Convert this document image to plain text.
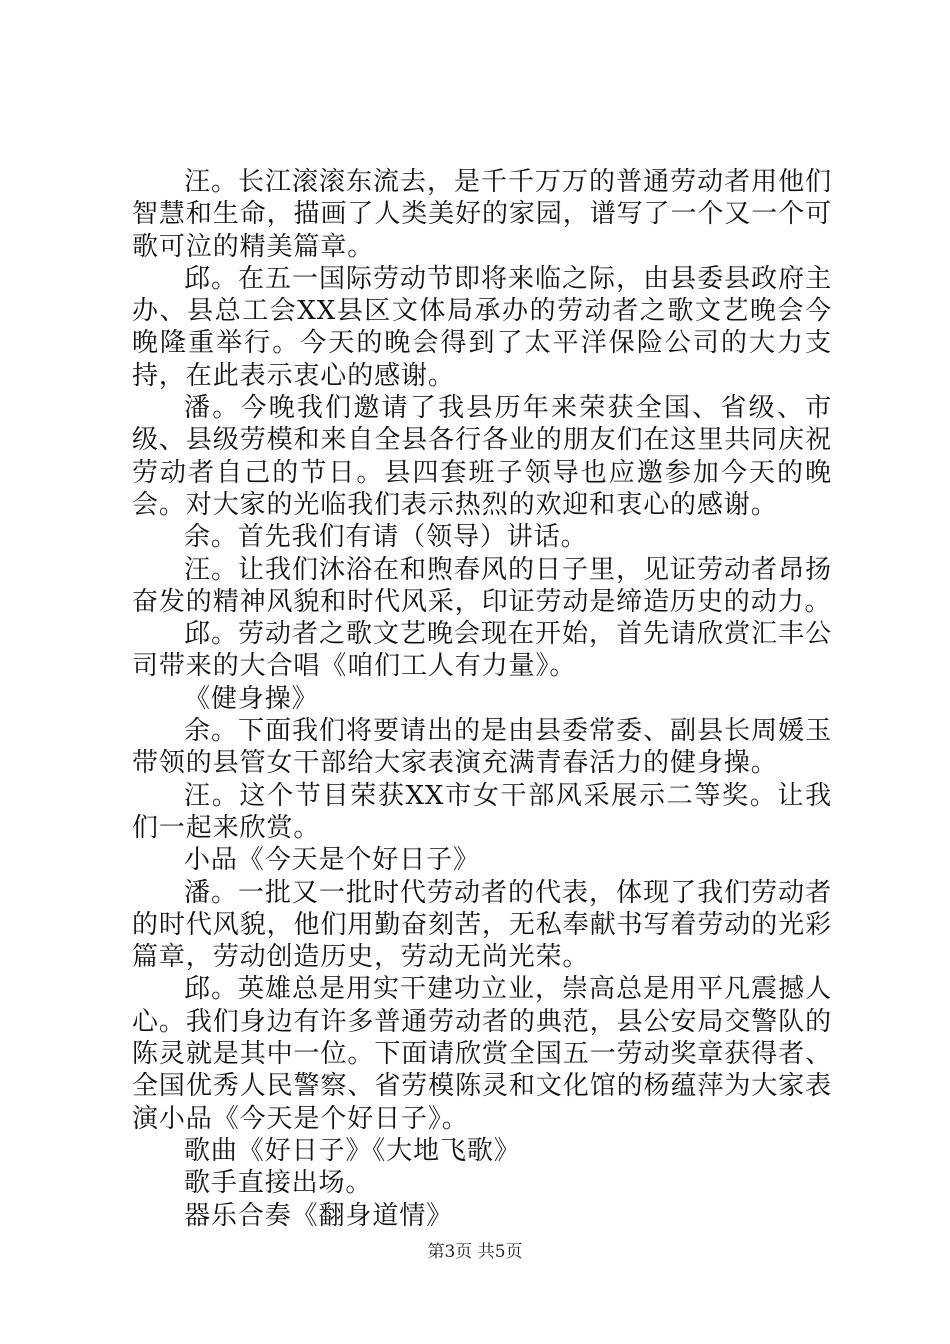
汪。长江滚滚东流去，是千千万万的普通劳动者用他们智慧和生命，描画了人类美好的家园，谱写了一个又一个可歌可泣的精美篇章。

邱。在五一国际劳动节即将来临之际，由县委县政府主办、县总工会XX县区文体局承办的劳动者之歌文艺晚会今晚隆重举行。今天的晚会得到了太平洋保险公司的大力支持，在此表示衷心的感谢。

潘。今晚我们邀请了我县历年来荣获全国、省级、市级、县级劳模和来自全县各行各业的朋友们在这里共同庆祝劳动者自己的节日。县四套班子领导也应邀参加今天的晚会。对大家的光临我们表示热烈的欢迎和衷心的感谢。

余。首先我们有请（领导）讲话。

汪。让我们沐浴在和煦春风的日子里，见证劳动者昂扬奋发的精神风貌和时代风采，印证劳动是缔造历史的动力。

邱。劳动者之歌文艺晚会现在开始，首先请欣赏汇丰公司带来的大合唱《咱们工人有力量》。

《健身操》

余。下面我们将要请出的是由县委常委、副县长周媛玉带领的县管女干部给大家表演充满青春活力的健身操。

汪。这个节目荣获XX市女干部风采展示二等奖。让我们一起来欣赏。

小品《今天是个好日子》

潘。一批又一批时代劳动者的代表，体现了我们劳动者的时代风貌，他们用勤奋刻苦，无私奉献书写着劳动的光彩篇章，劳动创造历史，劳动无尚光荣。

邱。英雄总是用实干建功立业，崇高总是用平凡震撼人心。我们身边有许多普通劳动者的典范，县公安局交警队的陈灵就是其中一位。下面请欣赏全国五一劳动奖章获得者、全国优秀人民警察、省劳模陈灵和文化馆的杨蕴萍为大家表演小品《今天是个好日子》。

歌曲《好日子》《大地飞歌》

歌手直接出场。

器乐合奏《翻身道情》

第3页 共5页
